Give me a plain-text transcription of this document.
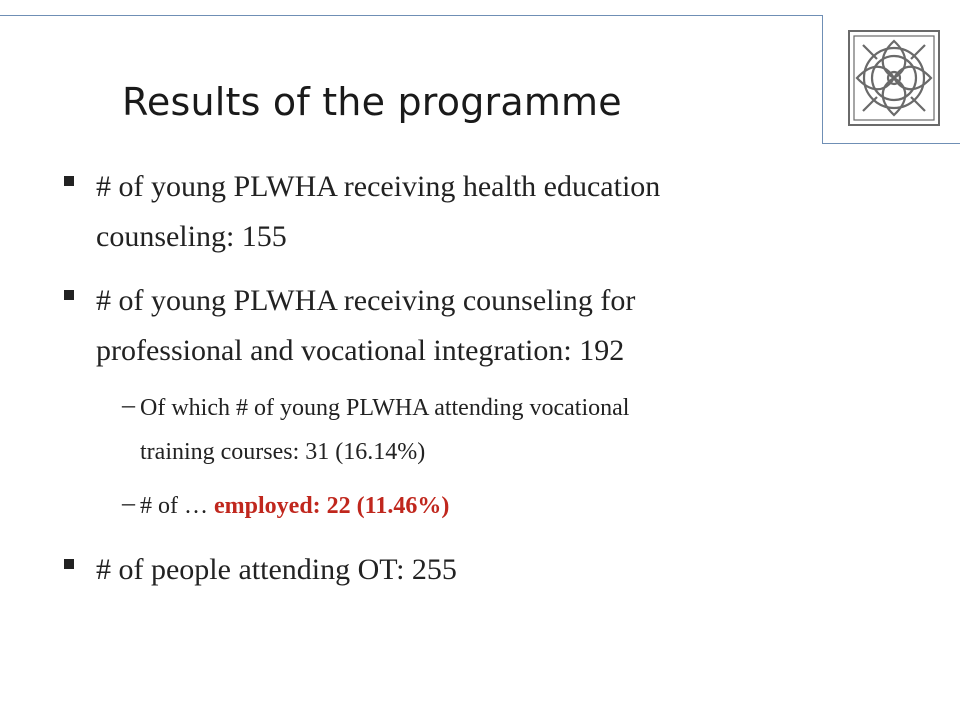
Results of the programme
# of young PLWHA receiving health education
counseling: 155
# of young PLWHA receiving counseling for
professional and vocational integration: 192
– Of which # of young PLWHA attending vocational
training courses: 31 (16.14%)
– # of … employed: 22 (11.46%)
# of people attending OT: 255
